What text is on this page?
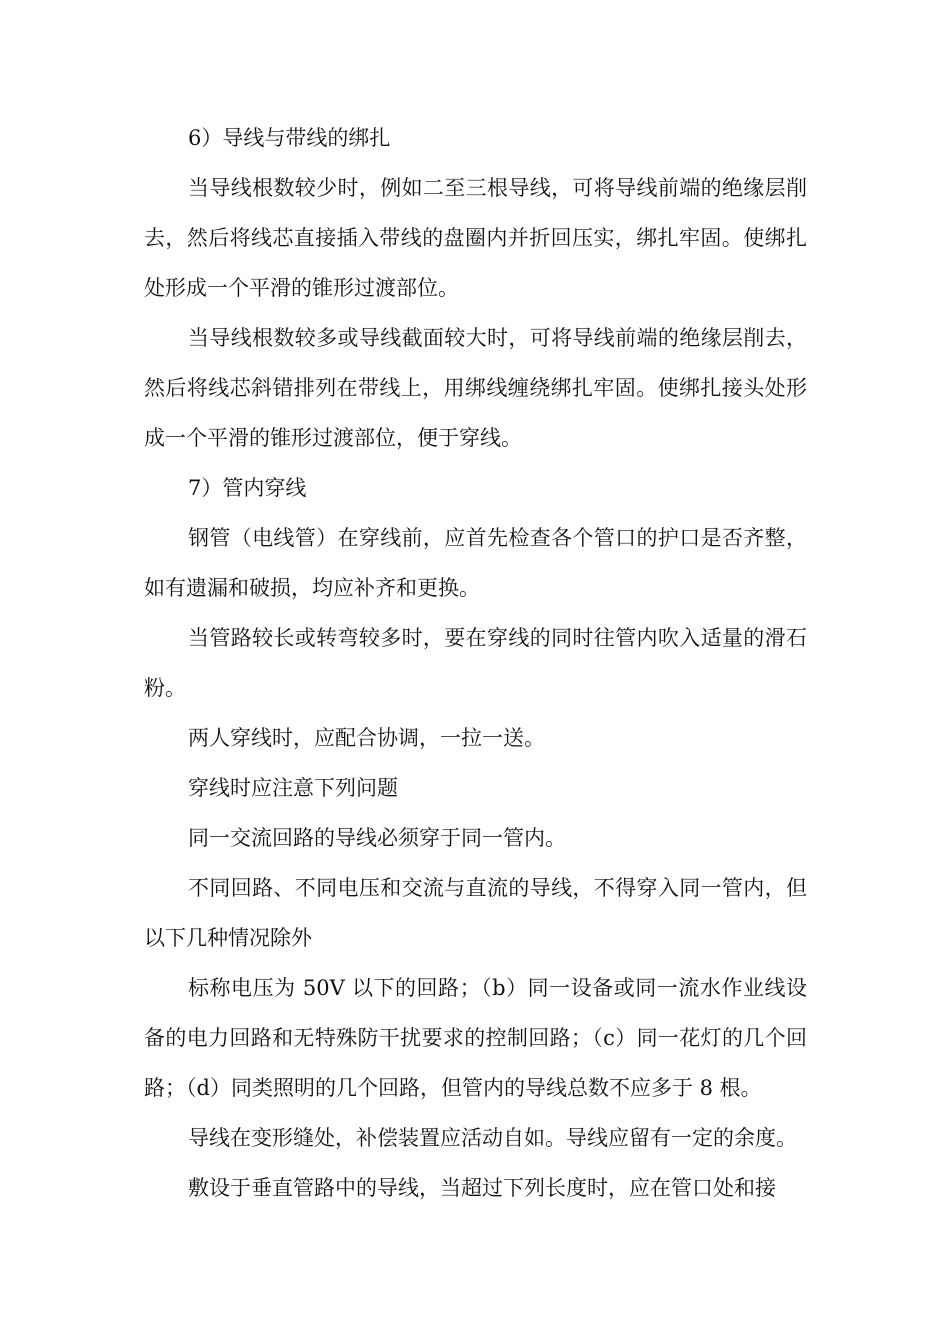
6）导线与带线的绑扎

当导线根数较少时，例如二至三根导线，可将导线前端的绝缘层削去，然后将线芯直接插入带线的盘圈内并折回压实，绑扎牢固。使绑扎处形成一个平滑的锥形过渡部位。

当导线根数较多或导线截面较大时，可将导线前端的绝缘层削去，然后将线芯斜错排列在带线上，用绑线缠绕绑扎牢固。使绑扎接头处形成一个平滑的锥形过渡部位，便于穿线。

7）管内穿线

钢管（电线管）在穿线前，应首先检查各个管口的护口是否齐整，如有遗漏和破损，均应补齐和更换。

当管路较长或转弯较多时，要在穿线的同时往管内吹入适量的滑石粉。

两人穿线时，应配合协调，一拉一送。

穿线时应注意下列问题

同一交流回路的导线必须穿于同一管内。

不同回路、不同电压和交流与直流的导线，不得穿入同一管内，但以下几种情况除外

标称电压为 50V 以下的回路；（b）同一设备或同一流水作业线设备的电力回路和无特殊防干扰要求的控制回路；（c）同一花灯的几个回路；（d）同类照明的几个回路，但管内的导线总数不应多于 8 根。

导线在变形缝处，补偿装置应活动自如。导线应留有一定的余度。

敷设于垂直管路中的导线，当超过下列长度时，应在管口处和接
